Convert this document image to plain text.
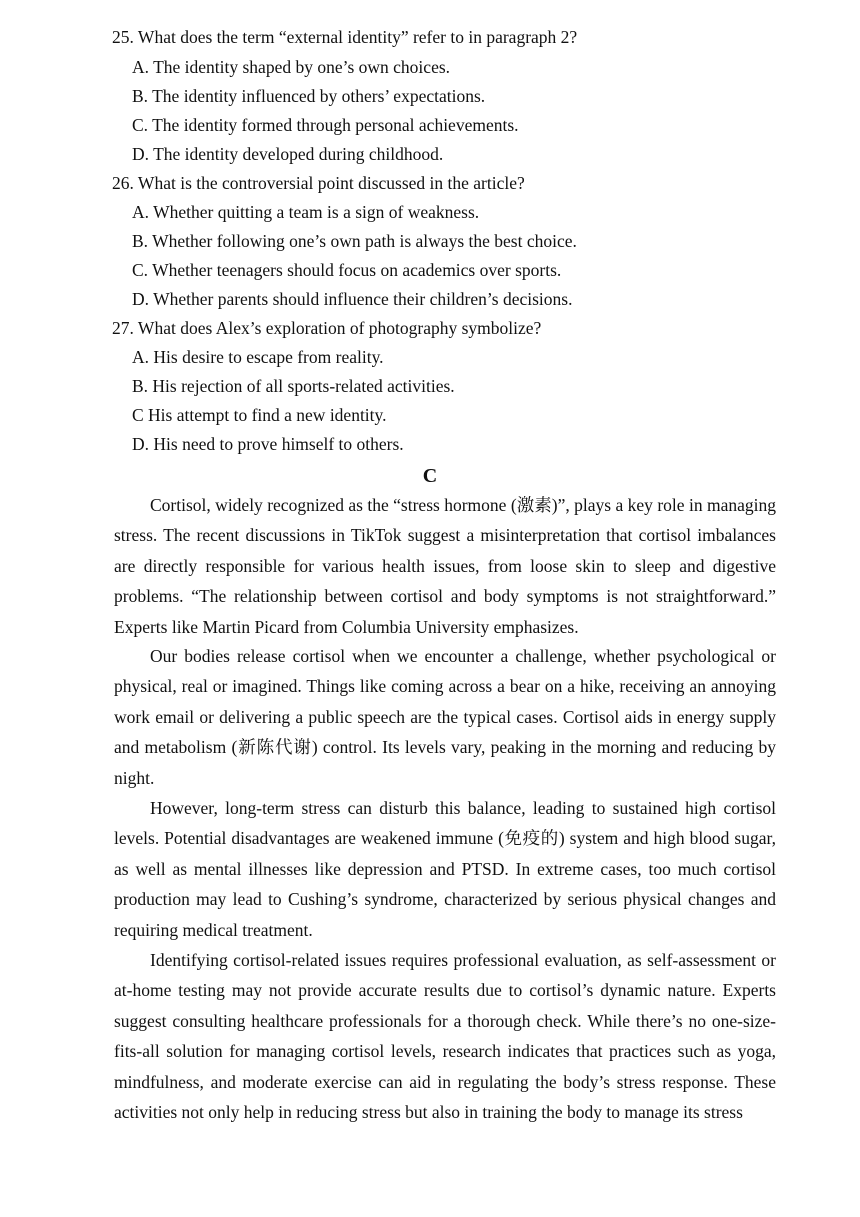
25. What does the term “external identity” refer to in paragraph 2?
A. The identity shaped by one’s own choices.
B. The identity influenced by others’ expectations.
C. The identity formed through personal achievements.
D. The identity developed during childhood.
26. What is the controversial point discussed in the article?
A. Whether quitting a team is a sign of weakness.
B. Whether following one’s own path is always the best choice.
C. Whether teenagers should focus on academics over sports.
D. Whether parents should influence their children’s decisions.
27. What does Alex’s exploration of photography symbolize?
A. His desire to escape from reality.
B. His rejection of all sports-related activities.
C His attempt to find a new identity.
D. His need to prove himself to others.
C

Cortisol, widely recognized as the “stress hormone (激素)”, plays a key role in managing stress. The recent discussions in TikTok suggest a misinterpretation that cortisol imbalances are directly responsible for various health issues, from loose skin to sleep and digestive problems. “The relationship between cortisol and body symptoms is not straightforward.” Experts like Martin Picard from Columbia University emphasizes.

Our bodies release cortisol when we encounter a challenge, whether psychological or physical, real or imagined. Things like coming across a bear on a hike, receiving an annoying work email or delivering a public speech are the typical cases. Cortisol aids in energy supply and metabolism (新陈代谢) control. Its levels vary, peaking in the morning and reducing by night.

However, long-term stress can disturb this balance, leading to sustained high cortisol levels. Potential disadvantages are weakened immune (免疫的) system and high blood sugar, as well as mental illnesses like depression and PTSD. In extreme cases, too much cortisol production may lead to Cushing’s syndrome, characterized by serious physical changes and requiring medical treatment.

Identifying cortisol-related issues requires professional evaluation, as self-assessment or at-home testing may not provide accurate results due to cortisol’s dynamic nature. Experts suggest consulting healthcare professionals for a thorough check. While there’s no one-size-fits-all solution for managing cortisol levels, research indicates that practices such as yoga, mindfulness, and moderate exercise can aid in regulating the body’s stress response. These activities not only help in reducing stress but also in training the body to manage its stress
